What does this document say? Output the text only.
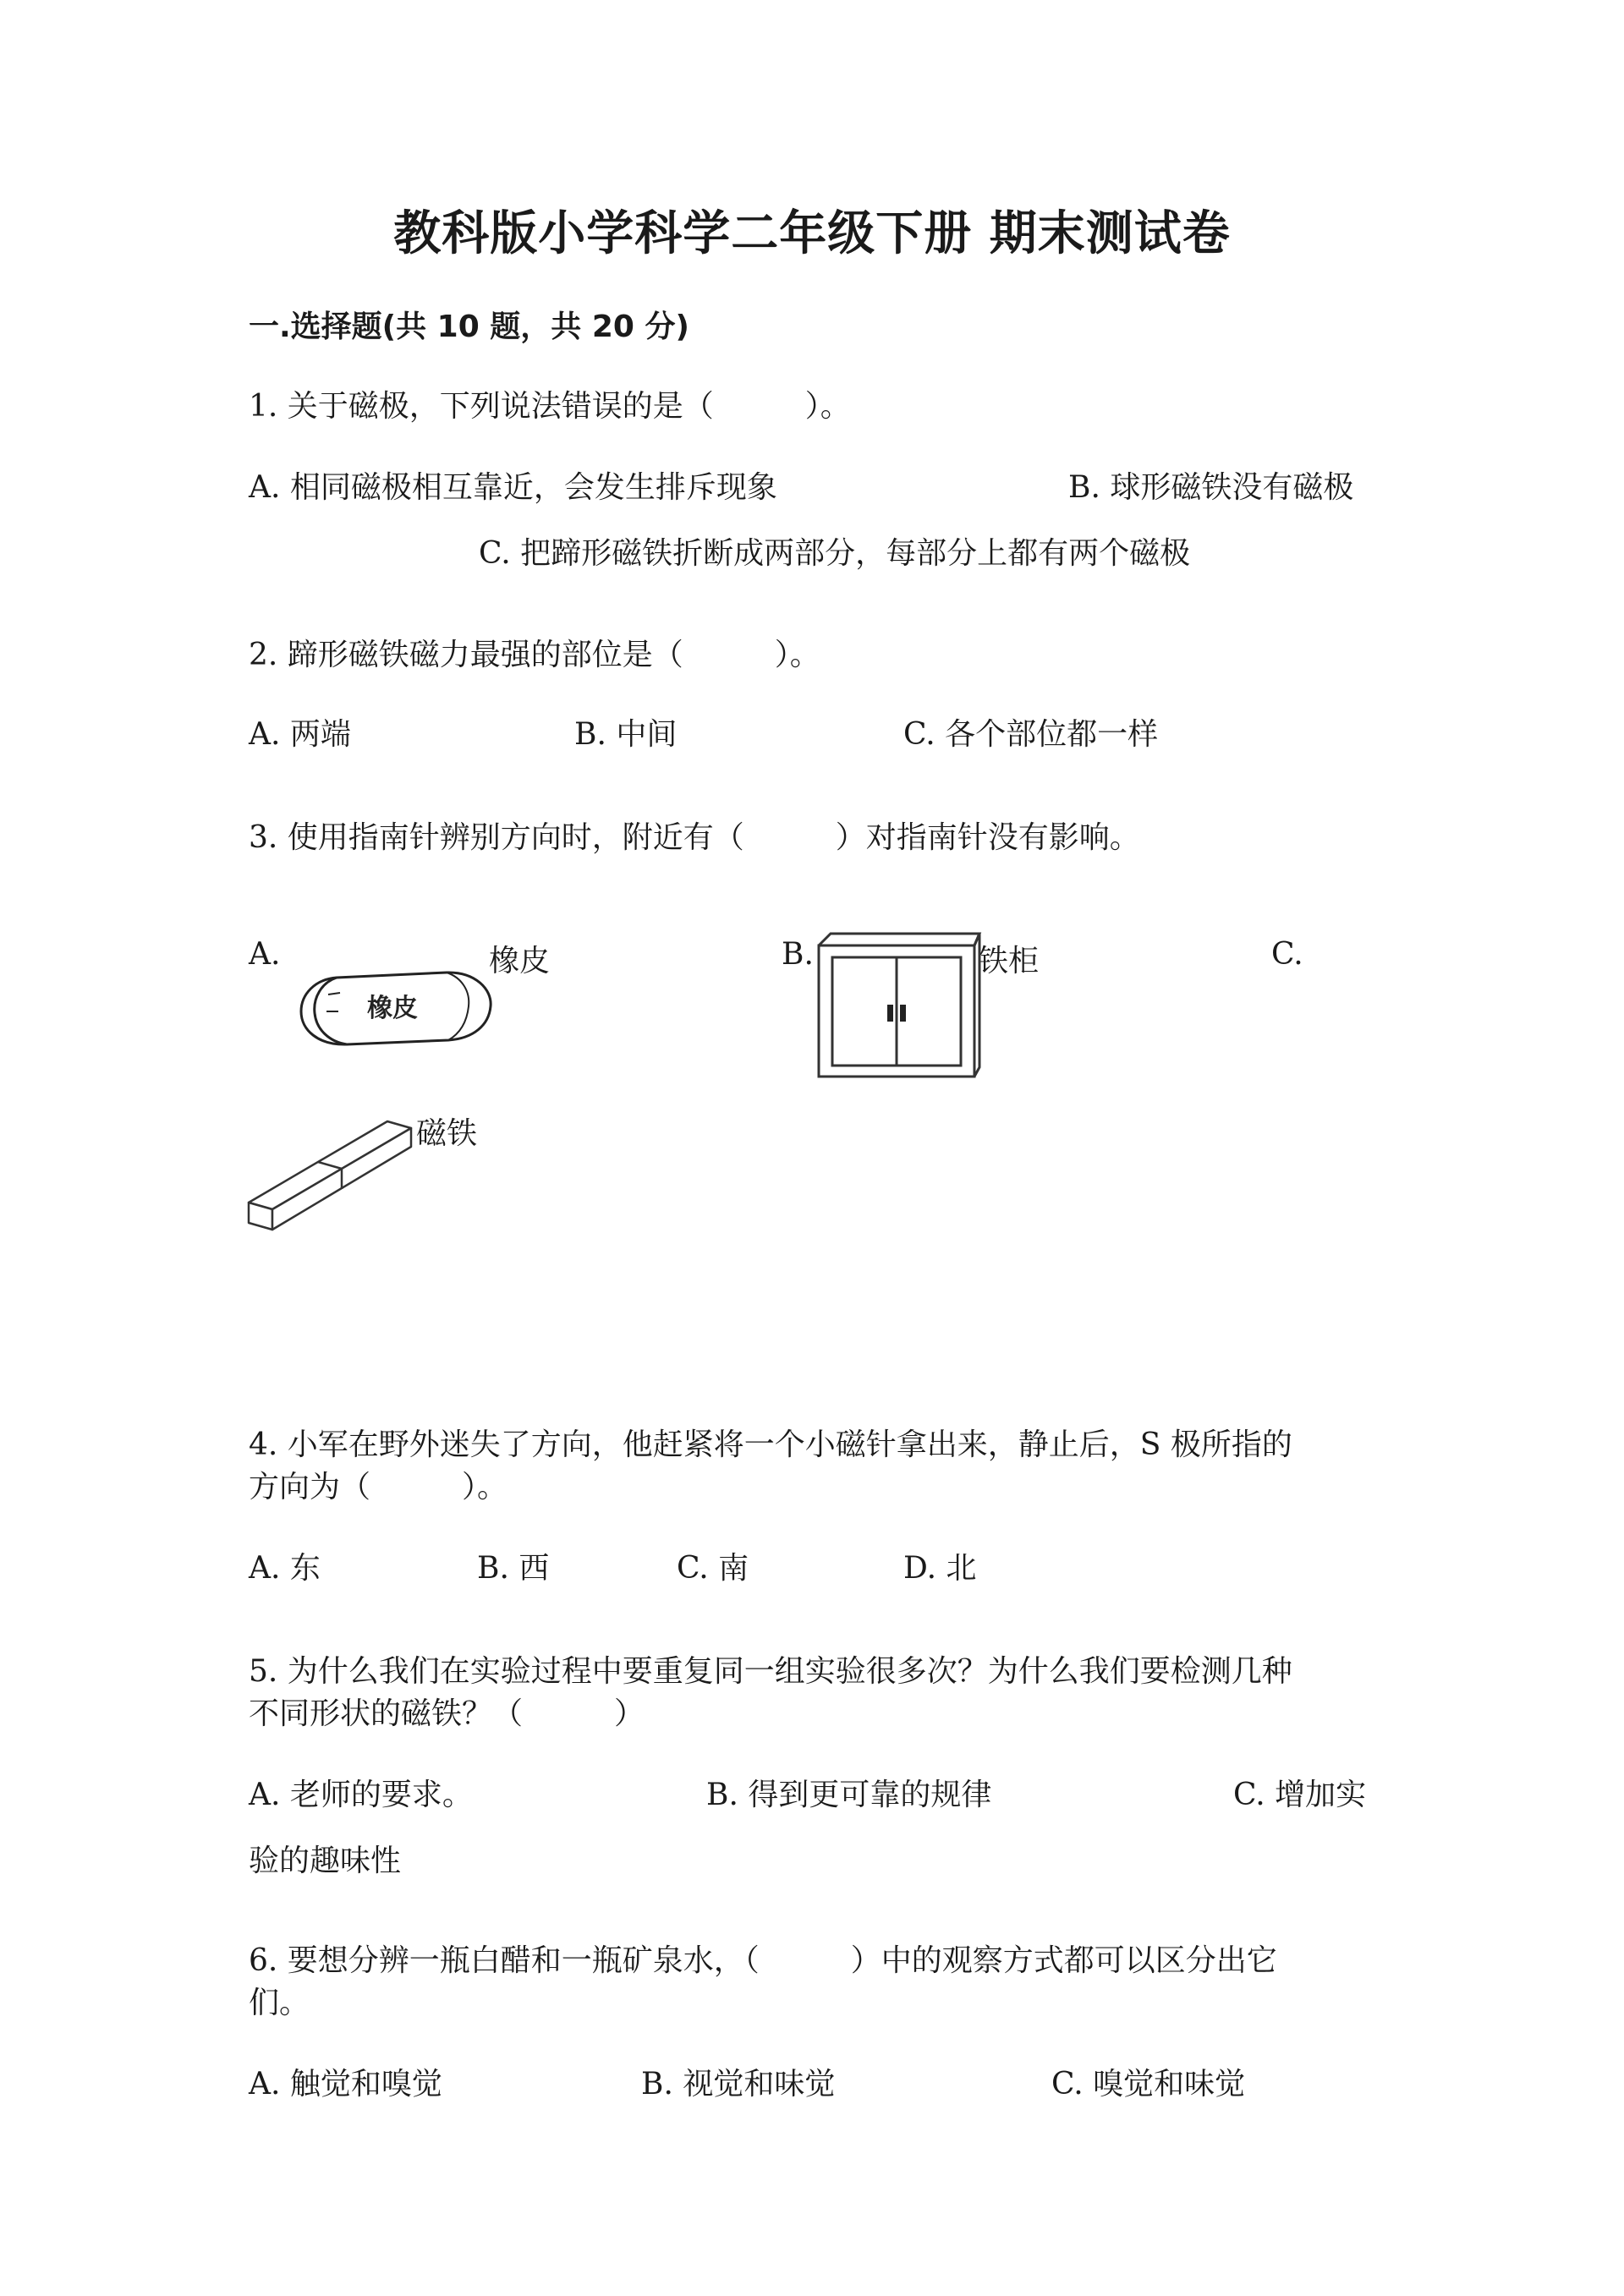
教科版小学科学二年级下册 期末测试卷
一.选择题(共 10 题，共 20 分)
1. 关于磁极，下列说法错误的是（　　　）。
A. 相同磁极相互靠近，会发生排斥现象	B. 球形磁铁没有磁极
C. 把蹄形磁铁折断成两部分，每部分上都有两个磁极
2. 蹄形磁铁磁力最强的部位是（　　　）。
A. 两端	B. 中间	C. 各个部位都一样
3. 使用指南针辨别方向时，附近有（　　　）对指南针没有影响。
A.	橡皮	B.	铁柜	C.
磁铁
橡皮
4. 小军在野外迷失了方向，他赶紧将一个小磁针拿出来，静止后，S 极所指的
方向为（　　　）。
A. 东	B. 西	C. 南	D. 北
5. 为什么我们在实验过程中要重复同一组实验很多次？为什么我们要检测几种
不同形状的磁铁？（　　　）
A. 老师的要求。	B. 得到更可靠的规律	C. 增加实
验的趣味性
6. 要想分辨一瓶白醋和一瓶矿泉水，（　　　）中的观察方式都可以区分出它
们。
A. 触觉和嗅觉	B. 视觉和味觉	C. 嗅觉和味觉
